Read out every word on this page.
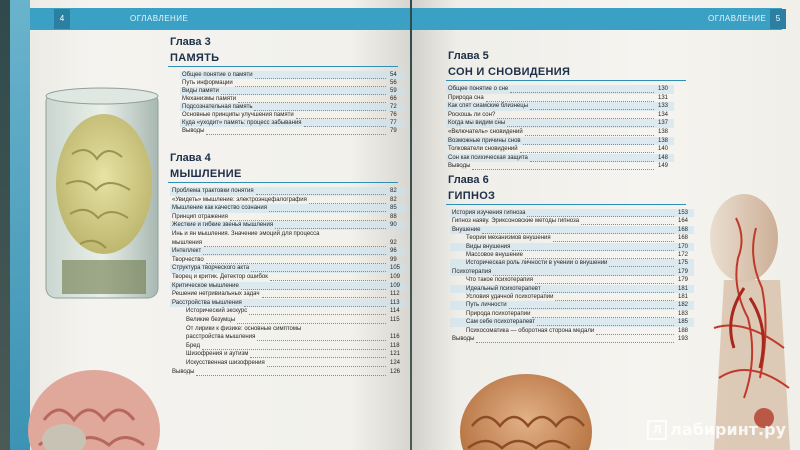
ОГЛАВЛЕНИЕ
4
Глава 3
ПАМЯТЬ
Глава 4
МЫШЛЕНИЕ
Общее понятие о памяти	54
Путь информации	56
Виды памяти	59
Механизмы памяти	66
Подсознательная память	72
Основные принципы улучшения памяти	76
Куда «уходит» память: процесс забывания	77
Выводы	79
Проблема трактовки понятия	82
«Увидеть» мышление: электроэнцефалография	82
Мышление как качество сознания	85
Принцип отражения	88
Жесткие и гибкие звенья мышления	90
Инь и ян мышления. Значение эмоций для процесса
мышления	92
Интеллект	96
Творчество	99
Структура творческого акта	105
Творец и критик. Детектор ошибок	109
Критическое мышление	109
Решение нетривиальных задач	112
Расстройства мышления	113
Исторический экскурс	114
Великие безумцы	115
От лирики к физике: основные симптомы
расстройства мышления	116
Бред	118
Шизофрения и аутизм	121
Искусственная шизофрения	124
Выводы	126
ОГЛАВЛЕНИЕ	5
Глава 5
СОН И СНОВИДЕНИЯ
Глава 6
ГИПНОЗ
Общее понятие о сне	130
Природа сна	131
Как спят сиамские близнецы	133
Роскошь ли сон?	134
Когда мы видим сны	137
«Включатель» сновидений	138
Возможные причины снов	138
Толкователи сновидений	140
Сон как психическая защита	148
Выводы	149
История изучения гипноза	153
Гипноз наяву. Эриксоновские методы гипноза	164
Внушение	168
Теории механизмов внушения	168
Виды внушения	170
Массовое внушение	172
Историческая роль личности в учении о внушении	175
Психотерапия	179
Что такое психотерапия	179
Идеальный психотерапевт	181
Условия удачной психотерапии	181
Путь личности	182
Природа психотерапии	183
Сам себе психотерапевт	185
Психосоматика — оборотная сторона медали	188
Выводы	193
Л лабиринт.ру
